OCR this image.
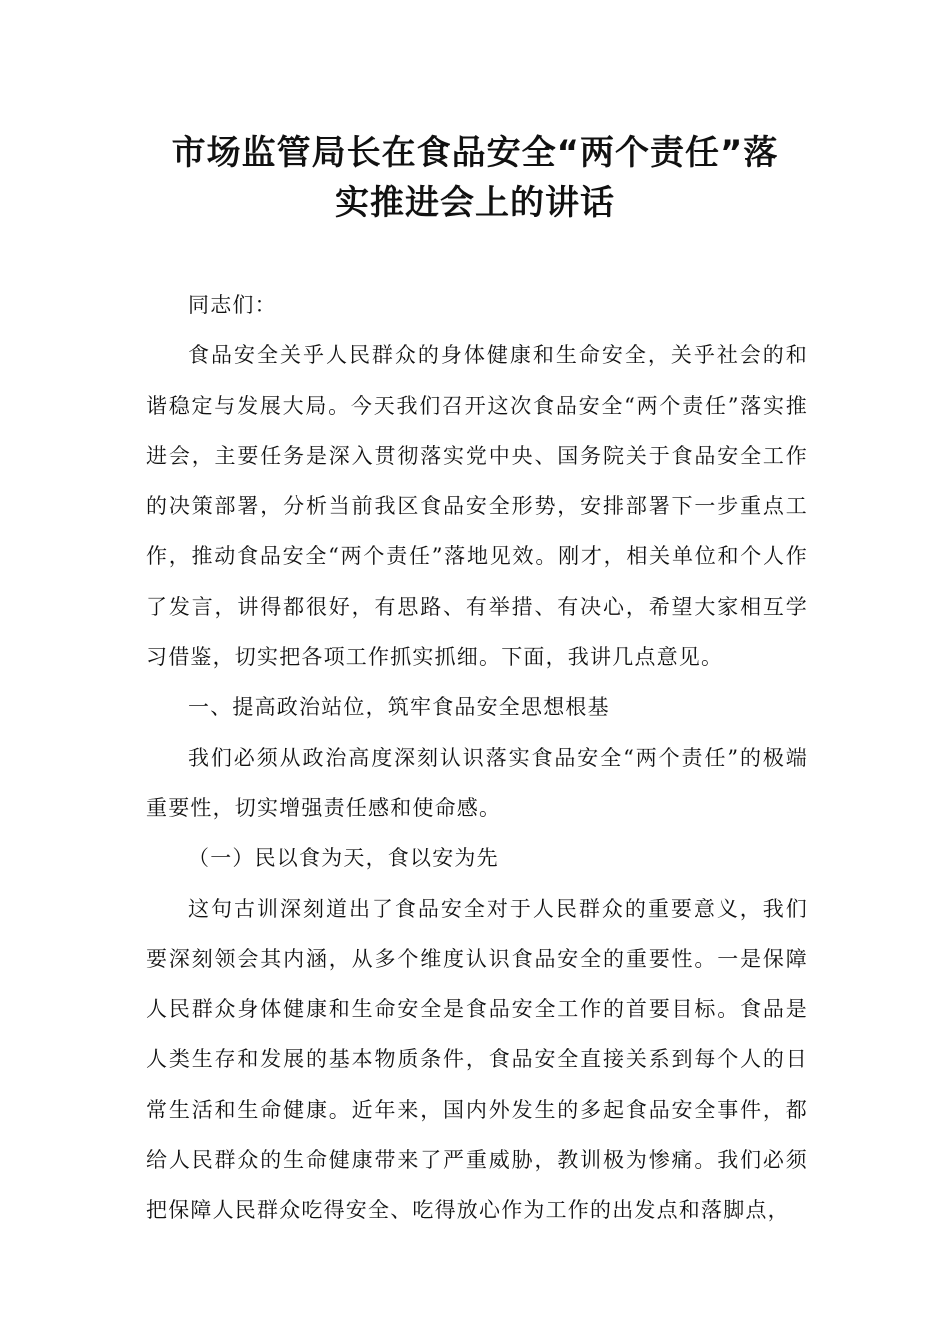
市场监管局长在食品安全“两个责任”落
实推进会上的讲话

同志们：

食品安全关乎人民群众的身体健康和生命安全，关乎社会的和谐稳定与发展大局。今天我们召开这次食品安全“两个责任”落实推进会，主要任务是深入贯彻落实党中央、国务院关于食品安全工作的决策部署，分析当前我区食品安全形势，安排部署下一步重点工作，推动食品安全“两个责任”落地见效。刚才，相关单位和个人作了发言，讲得都很好，有思路、有举措、有决心，希望大家相互学习借鉴，切实把各项工作抓实抓细。下面，我讲几点意见。

一、提高政治站位，筑牢食品安全思想根基

我们必须从政治高度深刻认识落实食品安全“两个责任”的极端重要性，切实增强责任感和使命感。

（一）民以食为天，食以安为先

这句古训深刻道出了食品安全对于人民群众的重要意义，我们要深刻领会其内涵，从多个维度认识食品安全的重要性。一是保障人民群众身体健康和生命安全是食品安全工作的首要目标。食品是人类生存和发展的基本物质条件，食品安全直接关系到每个人的日常生活和生命健康。近年来，国内外发生的多起食品安全事件，都给人民群众的生命健康带来了严重威胁，教训极为惨痛。我们必须把保障人民群众吃得安全、吃得放心作为工作的出发点和落脚点，
